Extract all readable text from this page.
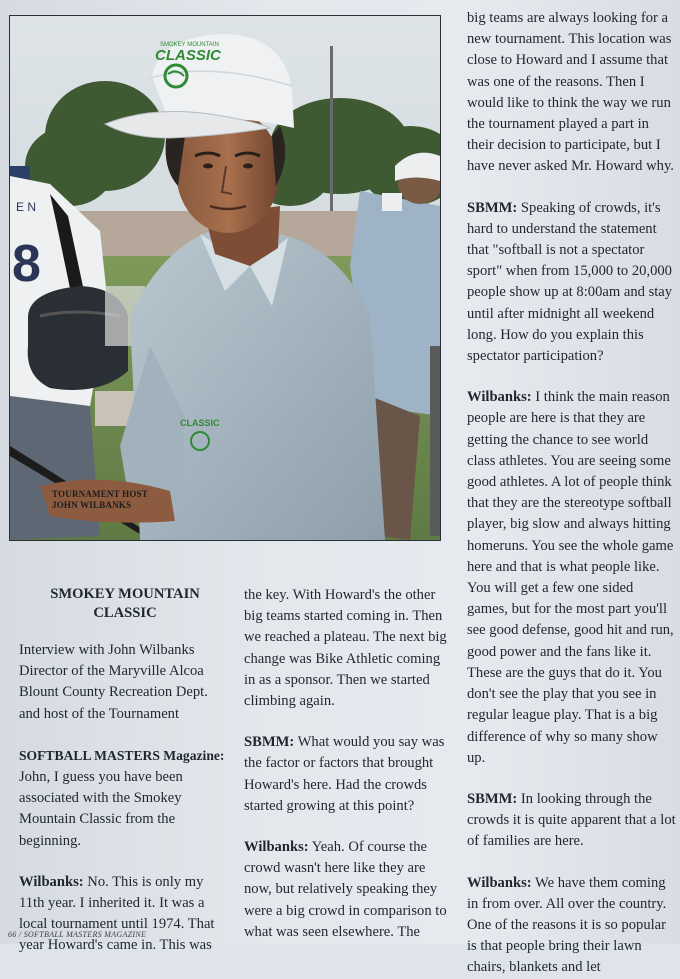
E N
8
CLASSIC
SMOKEY MOUNTAIN
CLASSIC
TOURNAMENT HOST
JOHN WILBANKS

big teams are always looking for a new tournament. This location was close to Howard and I assume that was one of the reasons. Then I would like to think the way we run the tournament played a part in their decision to participate, but I have never asked Mr. Howard why.

SBMM: Speaking of crowds, it's hard to understand the statement that "softball is not a spectator sport" when from 15,000 to 20,000 people show up at 8:00am and stay until after midnight all weekend long. How do you explain this spectator participation?

Wilbanks: I think the main reason people are here is that they are getting the chance to see world class athletes. You are seeing some good athletes. A lot of people think that they are the stereotype softball player, big slow and always hitting homeruns. You see the whole game here and that is what people like. You will get a few one sided games, but for the most part you'll see good defense, good hit and run, good power and the fans like it. These are the guys that do it. You don't see the play that you see in regular league play. That is a big difference of why so many show up.

SBMM: In looking through the crowds it is quite apparent that a lot of families are here.

Wilbanks: We have them coming in from over. All over the country. One of the reasons it is so popular is that people bring their lawn chairs, blankets and let

SMOKEY MOUNTAIN CLASSIC

Interview with John Wilbanks Director of the Maryville Alcoa Blount County Recreation Dept. and host of the Tournament

SOFTBALL MASTERS Magazine: John, I guess you have been associated with the Smokey Mountain Classic from the beginning.

Wilbanks: No. This is only my 11th year. I inherited it. It was a local tournament until 1974. That year Howard's came in. This was

the key. With Howard's the other big teams started coming in. Then we reached a plateau. The next big change was Bike Athletic coming in as a sponsor. Then we started climbing again.

SBMM: What would you say was the factor or factors that brought Howard's here. Had the crowds started growing at this point?

Wilbanks: Yeah. Of course the crowd wasn't here like they are now, but relatively speaking they were a big crowd in comparison to what was seen elsewhere. The

66 / SOFTBALL MASTERS MAGAZINE
